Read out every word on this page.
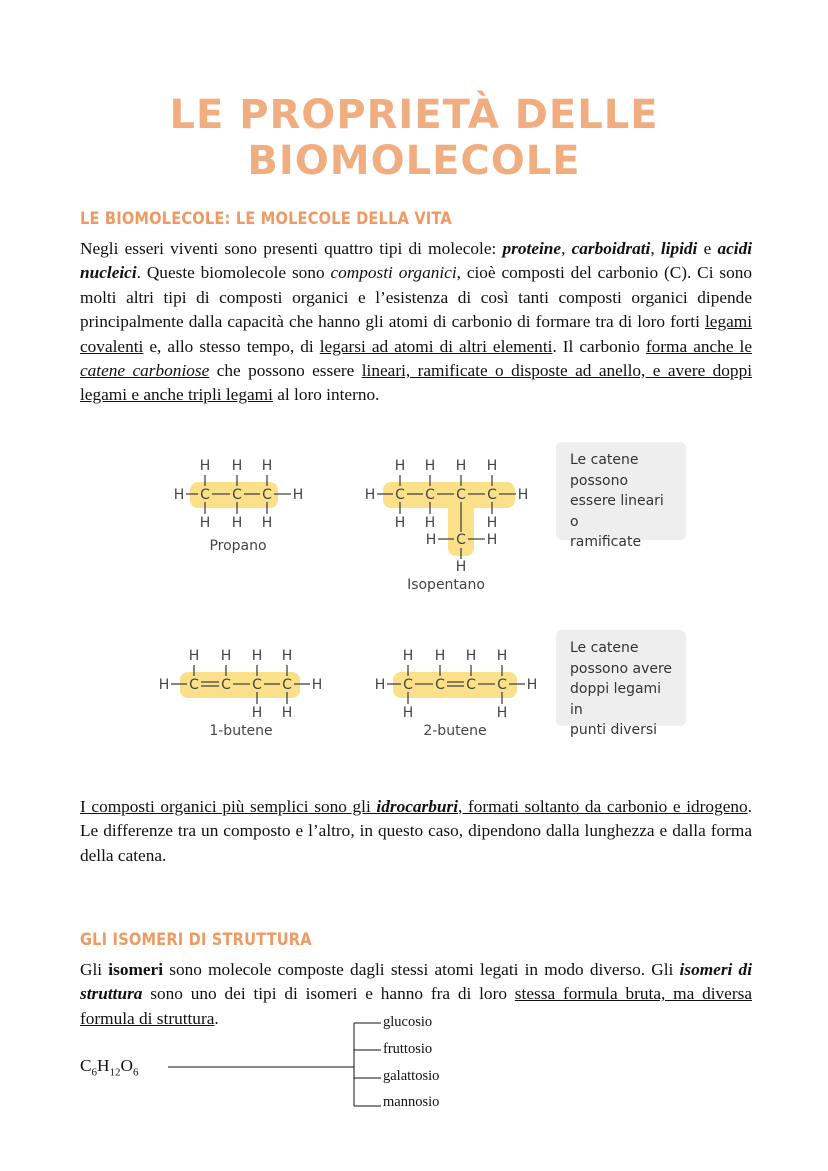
LE PROPRIETÀ DELLE BIOMOLECOLE
LE BIOMOLECOLE: LE MOLECOLE DELLA VITA

Negli esseri viventi sono presenti quattro tipi di molecole: proteine, carboidrati, lipidi e acidi nucleici. Queste biomolecole sono composti organici, cioè composti del carbonio (C). Ci sono molti altri tipi di composti organici e l’esistenza di così tanti composti organici dipende principalmente dalla capacità che hanno gli atomi di carbonio di formare tra di loro forti legami covalenti e, allo stesso tempo, di legarsi ad atomi di altri elementi. Il carbonio forma anche le catene carboniose che possono essere lineari, ramificate o disposte ad anello, e avere doppi legami e anche tripli legami al loro interno.

C C C
H	H
H H H
H H H
Propano
C C C C
H	H
H H H H
H H	H
C
H	H
H
Isopentano
C C C C
H	H
H H H H
H H
1-butene
C C C C
H	H
H H H H
H	H
2-butene
Le catene
possono
essere lineari o
ramificate
Le catene
possono avere
doppi legami in
punti diversi

I composti organici più semplici sono gli idrocarburi, formati soltanto da carbonio e idrogeno. Le differenze tra un composto e l’altro, in questo caso, dipendono dalla lunghezza e dalla forma della catena.

GLI ISOMERI DI STRUTTURA

Gli isomeri sono molecole composte dagli stessi atomi legati in modo diverso. Gli isomeri di struttura sono uno dei tipi di isomeri e hanno fra di loro stessa formula bruta, ma diversa formula di struttura.

$C_6H_{12}O_6$
glucosio
fruttosio
galattosio
mannosio
